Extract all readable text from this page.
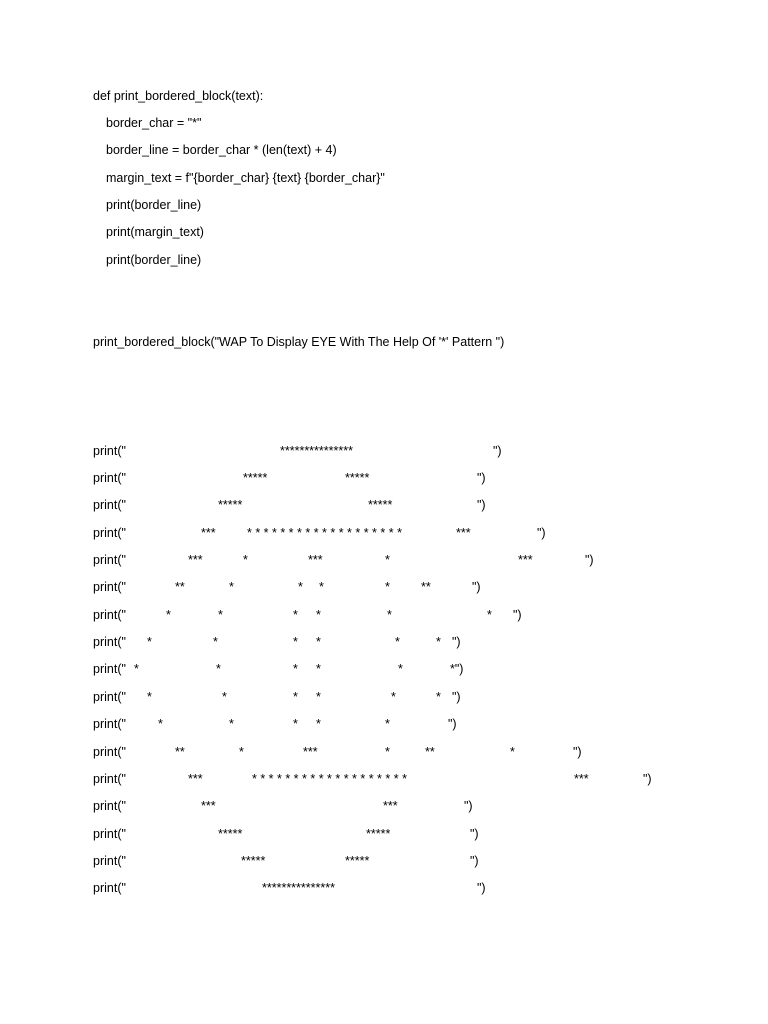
def print_bordered_block(text):
border_char = "*"
border_line = border_char * (len(text) + 4)
margin_text = f"{border_char} {text} {border_char}"
print(border_line)
print(margin_text)
print(border_line)
print_bordered_block("WAP To Display EYE With The Help Of '*' Pattern ")
print("	***************	")
print("	*****	*****	")
print("	*****	*****	")
print("	***	* * * * * * * * * * * * * * * * * * *	***	")
print("	***	*	***	*	***	")
print("	**	*	* *	* **	")
print("	*	*	* *	*	* ")
print(" *	*	* *	*	* ")
print(" *	*	* *	*	*")
print(" *	*	* *	*	* ")
print("	*	*	* *	*	")
print("	**	*	***	*	**	*	")
print("	***	* * * * * * * * * * * * * * * * * * *	***	")
print("	***	***	")
print("	*****	*****	")
print("	*****	*****	")
print("	***************	")
